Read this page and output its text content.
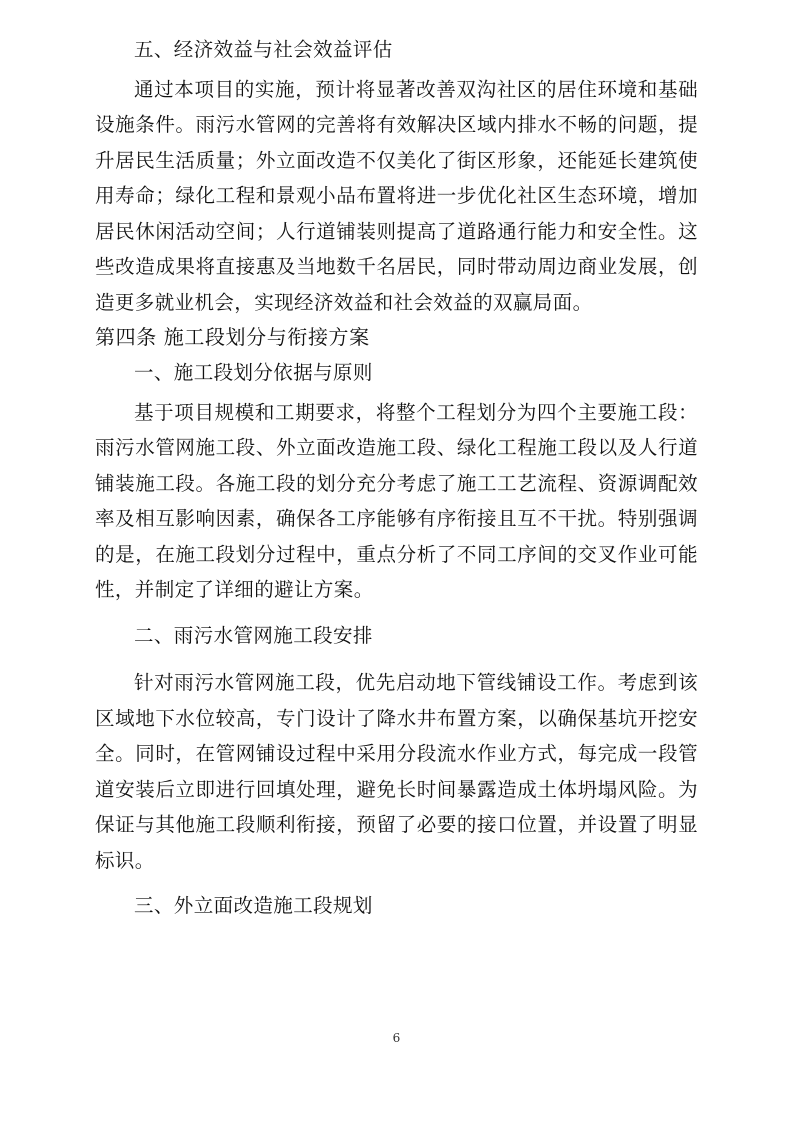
五、经济效益与社会效益评估

通过本项目的实施，预计将显著改善双沟社区的居住环境和基础设施条件。雨污水管网的完善将有效解决区域内排水不畅的问题，提升居民生活质量；外立面改造不仅美化了街区形象，还能延长建筑使用寿命；绿化工程和景观小品布置将进一步优化社区生态环境，增加居民休闲活动空间；人行道铺装则提高了道路通行能力和安全性。这些改造成果将直接惠及当地数千名居民，同时带动周边商业发展，创造更多就业机会，实现经济效益和社会效益的双赢局面。

第四条 施工段划分与衔接方案

一、施工段划分依据与原则

基于项目规模和工期要求，将整个工程划分为四个主要施工段：雨污水管网施工段、外立面改造施工段、绿化工程施工段以及人行道铺装施工段。各施工段的划分充分考虑了施工工艺流程、资源调配效率及相互影响因素，确保各工序能够有序衔接且互不干扰。特别强调的是，在施工段划分过程中，重点分析了不同工序间的交叉作业可能性，并制定了详细的避让方案。

二、雨污水管网施工段安排

针对雨污水管网施工段，优先启动地下管线铺设工作。考虑到该区域地下水位较高，专门设计了降水井布置方案，以确保基坑开挖安全。同时，在管网铺设过程中采用分段流水作业方式，每完成一段管道安装后立即进行回填处理，避免长时间暴露造成土体坍塌风险。为保证与其他施工段顺利衔接，预留了必要的接口位置，并设置了明显标识。

三、外立面改造施工段规划

6
